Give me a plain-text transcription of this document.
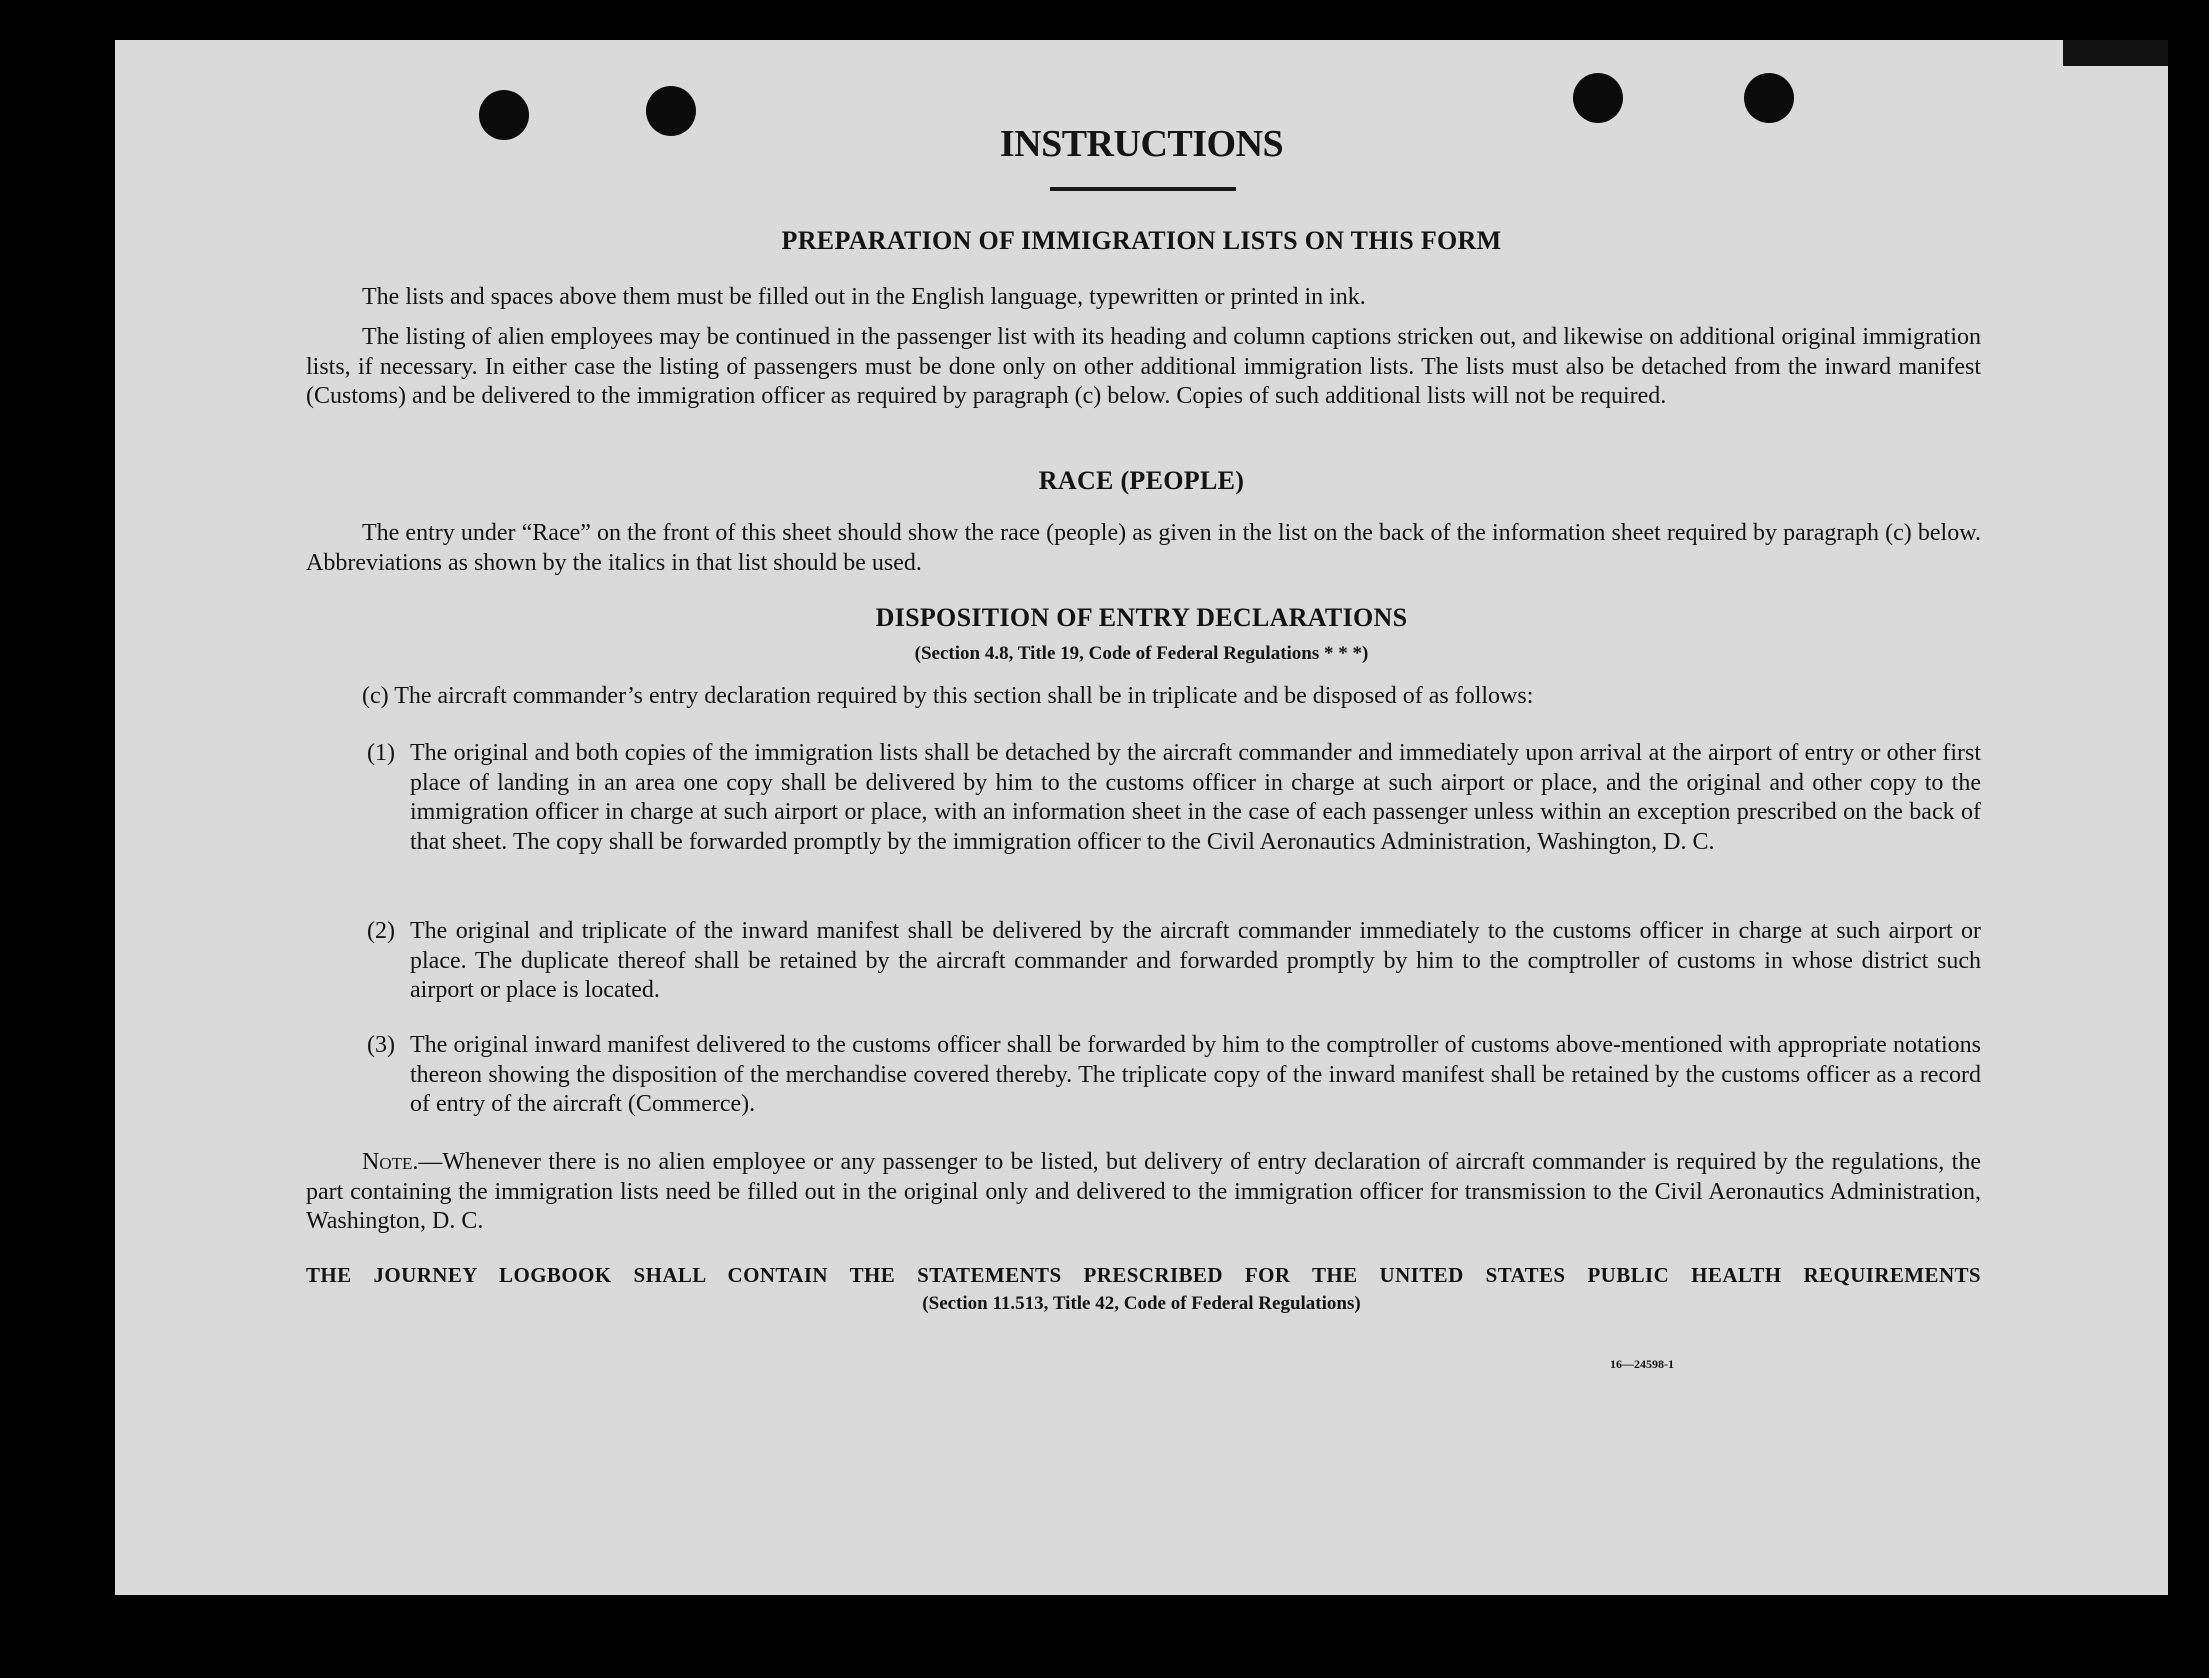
INSTRUCTIONS
PREPARATION OF IMMIGRATION LISTS ON THIS FORM

The lists and spaces above them must be filled out in the English language, typewritten or printed in ink.

The listing of alien employees may be continued in the passenger list with its heading and column captions stricken out, and likewise on additional original immigration lists, if necessary. In either case the listing of passengers must be done only on other additional immigration lists. The lists must also be detached from the inward manifest (Customs) and be delivered to the immigration officer as required by paragraph (c) below. Copies of such additional lists will not be required.

RACE (PEOPLE)

The entry under “Race” on the front of this sheet should show the race (people) as given in the list on the back of the information sheet required by paragraph (c) below. Abbreviations as shown by the italics in that list should be used.

DISPOSITION OF ENTRY DECLARATIONS
(Section 4.8, Title 19, Code of Federal Regulations * * *)

(c) The aircraft commander’s entry declaration required by this section shall be in triplicate and be disposed of as follows:

(1) The original and both copies of the immigration lists shall be detached by the aircraft commander and immediately upon arrival at the airport of entry or other first place of landing in an area one copy shall be delivered by him to the customs officer in charge at such airport or place, and the original and other copy to the immigration officer in charge at such airport or place, with an information sheet in the case of each passenger unless within an exception prescribed on the back of that sheet. The copy shall be forwarded promptly by the immigration officer to the Civil Aeronautics Administration, Washington, D. C.
(2) The original and triplicate of the inward manifest shall be delivered by the aircraft commander immediately to the customs officer in charge at such airport or place. The duplicate thereof shall be retained by the aircraft commander and forwarded promptly by him to the comptroller of customs in whose district such airport or place is located.
(3) The original inward manifest delivered to the customs officer shall be forwarded by him to the comptroller of customs above-mentioned with appropriate notations thereon showing the disposition of the merchandise covered thereby. The triplicate copy of the inward manifest shall be retained by the customs officer as a record of entry of the aircraft (Commerce).

Note.—Whenever there is no alien employee or any passenger to be listed, but delivery of entry declaration of aircraft commander is required by the regulations, the part containing the immigration lists need be filled out in the original only and delivered to the immigration officer for transmission to the Civil Aeronautics Administration, Washington, D. C.

THE JOURNEY LOGBOOK SHALL CONTAIN THE STATEMENTS PRESCRIBED FOR THE UNITED STATES PUBLIC HEALTH REQUIREMENTS
(Section 11.513, Title 42, Code of Federal Regulations)
16—24598-1
